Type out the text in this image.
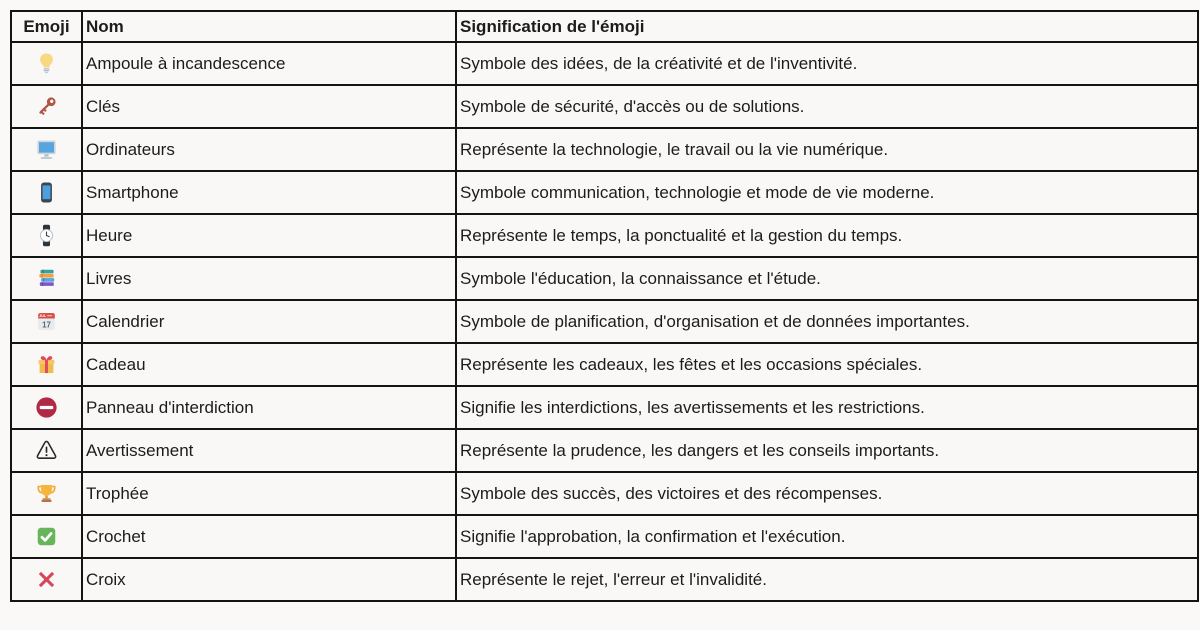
Emoji	Nom	Signification de l'émoji
	Ampoule à incandescence	Symbole des idées, de la créativité et de l'inventivité.
	Clés	Symbole de sécurité, d'accès ou de solutions.
	Ordinateurs	Représente la technologie, le travail ou la vie numérique.
	Smartphone	Symbole communication, technologie et mode de vie moderne.
	Heure	Représente le temps, la ponctualité et la gestion du temps.
	Livres	Symbole l'éducation, la connaissance et l'étude.
	Calendrier	Symbole de planification, d'organisation et de données importantes.
	Cadeau	Représente les cadeaux, les fêtes et les occasions spéciales.
	Panneau d'interdiction	Signifie les interdictions, les avertissements et les restrictions.
	Avertissement	Représente la prudence, les dangers et les conseils importants.
	Trophée	Symbole des succès, des victoires et des récompenses.
	Crochet	Signifie l'approbation, la confirmation et l'exécution.
	Croix	Représente le rejet, l'erreur et l'invalidité.
